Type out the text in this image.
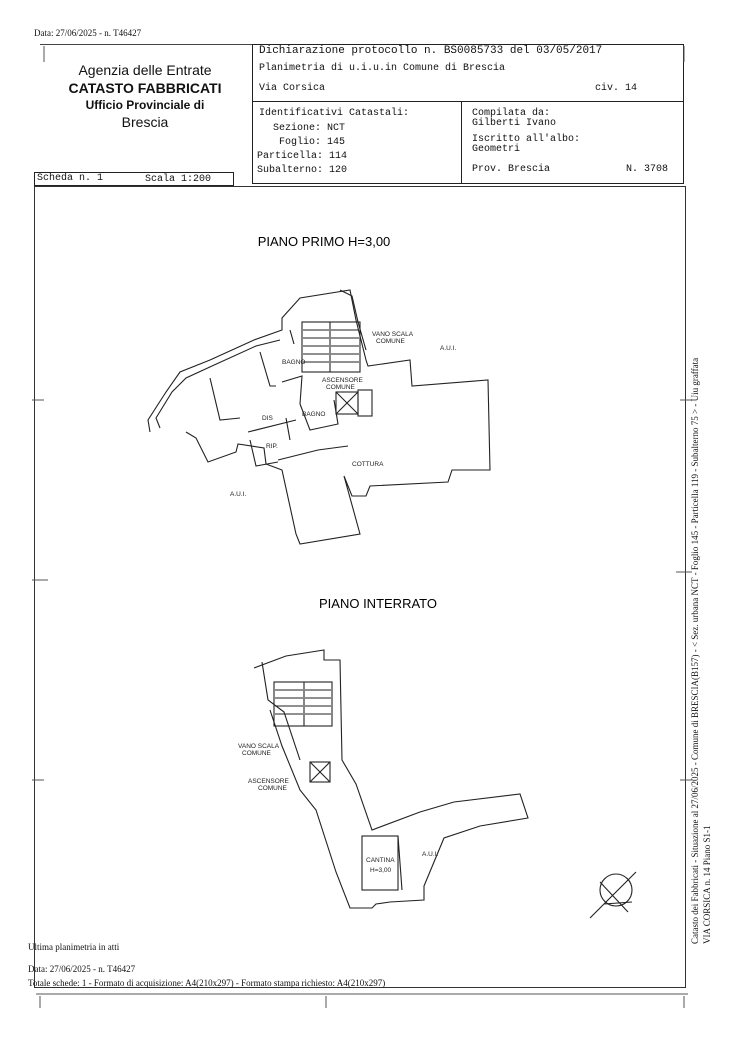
Data: 27/06/2025 - n. T46427
Agenzia delle Entrate
CATASTO FABBRICATI
Ufficio Provinciale di
Brescia
Dichiarazione protocollo n. BS0085733 del 03/05/2017
Planimetria di u.i.u.in Comune di Brescia
Via Corsica	civ. 14
Identificativi Catastali:
Sezione: NCT
Foglio: 145
Particella: 114
Subalterno: 120
Compilata da:
Gilberti Ivano
Iscritto all'albo:
Geometri
Prov. Brescia	N. 3708
Scheda n. 1	Scala 1:200
PIANO PRIMO H=3,00
PIANO INTERRATO
VANO SCALA
COMUNE
A.U.I.
BAGNO
ASCENSORE
COMUNE
DIS
BAGNO
RIP.
COTTURA
A.U.I.
VANO SCALA
COMUNE
ASCENSORE
COMUNE
CANTINA
H=3,00
A.U.I.
Ultima planimetria in atti
Data: 27/06/2025 - n. T46427
Totale schede: 1 - Formato di acquisizione: A4(210x297) - Formato stampa richiesto: A4(210x297)
Catasto dei Fabbricati - Situazione al 27/06/2025 - Comune di BRESCIA(B157) - < Sez. urbana NCT - Foglio 145 - Particella 119 - Subalterno 75 > - Uiu graffata VIA CORSICA n. 14 Piano S1-1
